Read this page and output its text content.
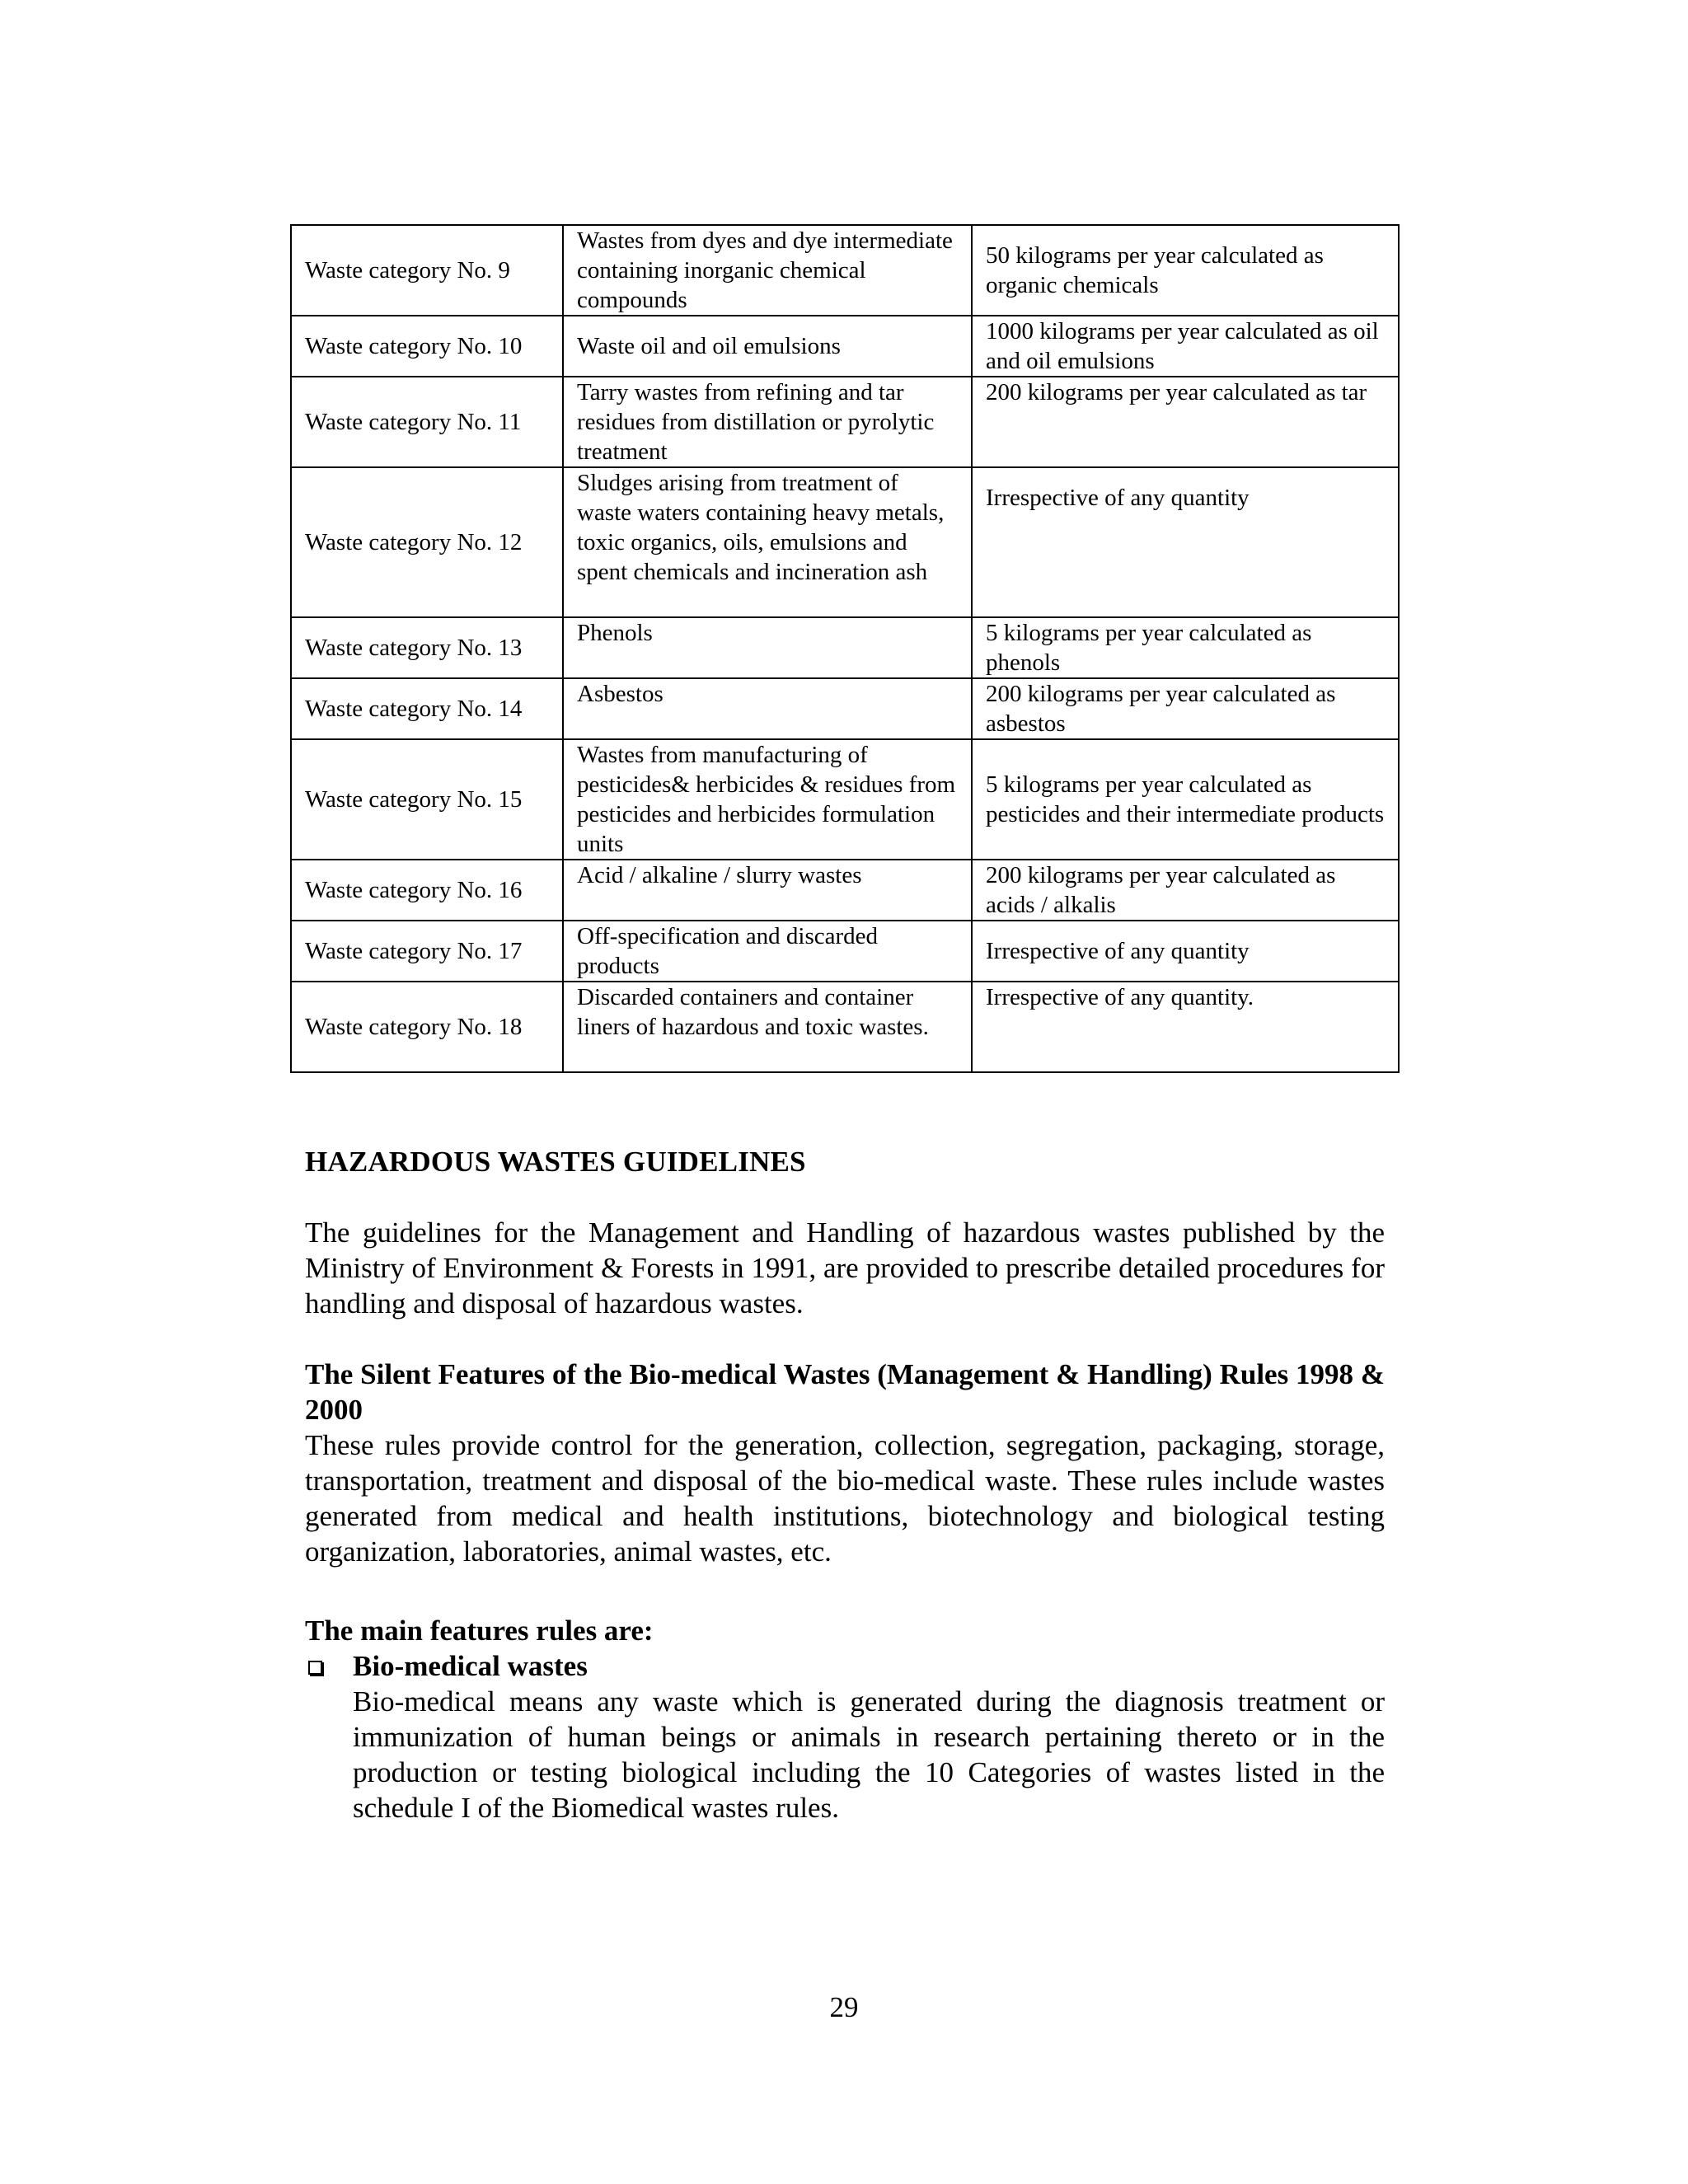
Waste category No. 9	Wastes from dyes and dye intermediate containing inorganic chemical compounds	50 kilograms per year calculated as organic chemicals
Waste category No. 10	Waste oil and oil emulsions	1000 kilograms per year calculated as oil and oil emulsions
Waste category No. 11	Tarry wastes from refining and tar residues from distillation or pyrolytic treatment	200 kilograms per year calculated as tar
Waste category No. 12	Sludges arising from treatment of waste waters containing heavy metals, toxic organics, oils, emulsions and spent chemicals and incineration ash	Irrespective of any quantity
Waste category No. 13	Phenols	5 kilograms per year calculated as phenols
Waste category No. 14	Asbestos	200 kilograms per year calculated as asbestos
Waste category No. 15	Wastes from manufacturing of pesticides& herbicides & residues from pesticides and herbicides formulation units	5 kilograms per year calculated as pesticides and their intermediate products
Waste category No. 16	Acid / alkaline / slurry wastes	200 kilograms per year calculated as acids / alkalis
Waste category No. 17	Off-specification and discarded products	Irrespective of any quantity
Waste category No. 18	Discarded containers and container liners of hazardous and toxic wastes.	Irrespective of any quantity.
HAZARDOUS WASTES GUIDELINES
The guidelines for the Management and Handling of hazardous wastes published by the Ministry of Environment & Forests in 1991, are provided to prescribe detailed procedures for handling and disposal of hazardous wastes.
The Silent Features of the Bio-medical Wastes (Management & Handling) Rules 1998 & 2000
These rules provide control for the generation, collection, segregation, packaging, storage, transportation, treatment and disposal of the bio-medical waste. These rules include wastes generated from medical and health institutions, biotechnology and biological testing organization, laboratories, animal wastes, etc.
The main features rules are:
Bio-medical wastes
Bio-medical means any waste which is generated during the diagnosis treatment or immunization of human beings or animals in research pertaining thereto or in the production or testing biological including the 10 Categories of wastes listed in the schedule I of the Biomedical wastes rules.
29
